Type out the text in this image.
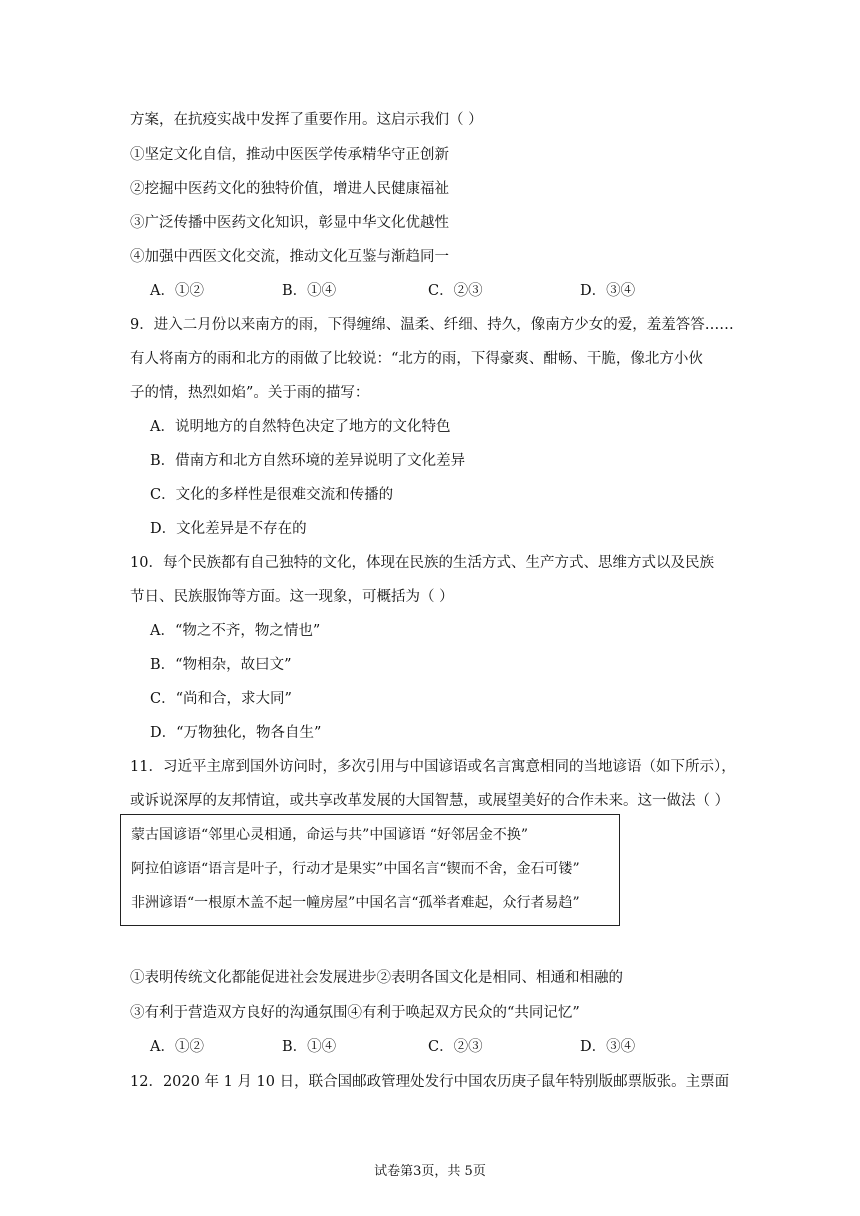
方案，在抗疫实战中发挥了重要作用。这启示我们（ ）
①坚定文化自信，推动中医医学传承精华守正创新
②挖掘中医药文化的独特价值，增进人民健康福祉
③广泛传播中医药文化知识，彰显中华文化优越性
④加强中西医文化交流，推动文化互鉴与渐趋同一
A．①②	B．①④	C．②③	D．③④
9．进入二月份以来南方的雨，下得缠绵、温柔、纤细、持久，像南方少女的爱，羞羞答答……
有人将南方的雨和北方的雨做了比较说：“北方的雨，下得豪爽、酣畅、干脆，像北方小伙
子的情，热烈如焰”。关于雨的描写：
A．说明地方的自然特色决定了地方的文化特色
B．借南方和北方自然环境的差异说明了文化差异
C．文化的多样性是很难交流和传播的
D．文化差异是不存在的
10．每个民族都有自己独特的文化，体现在民族的生活方式、生产方式、思维方式以及民族
节日、民族服饰等方面。这一现象，可概括为（ ）
A．“物之不齐，物之情也”
B．“物相杂，故曰文”
C．“尚和合，求大同”
D．“万物独化，物各自生”
11．习近平主席到国外访问时，多次引用与中国谚语或名言寓意相同的当地谚语（如下所示），
或诉说深厚的友邦情谊，或共享改革发展的大国智慧，或展望美好的合作未来。这一做法（ ）
蒙古国谚语“邻里心灵相通，命运与共”中国谚语 “好邻居金不换”
阿拉伯谚语“语言是叶子，行动才是果实”中国名言“锲而不舍，金石可镂”
非洲谚语“一根原木盖不起一幢房屋”中国名言“孤举者难起，众行者易趋”
①表明传统文化都能促进社会发展进步②表明各国文化是相同、相通和相融的
③有利于营造双方良好的沟通氛围④有利于唤起双方民众的“共同记忆”
A．①②	B．①④	C．②③	D．③④
12．2020 年 1 月 10 日，联合国邮政管理处发行中国农历庚子鼠年特别版邮票版张。主票面
试卷第3页，共 5页
